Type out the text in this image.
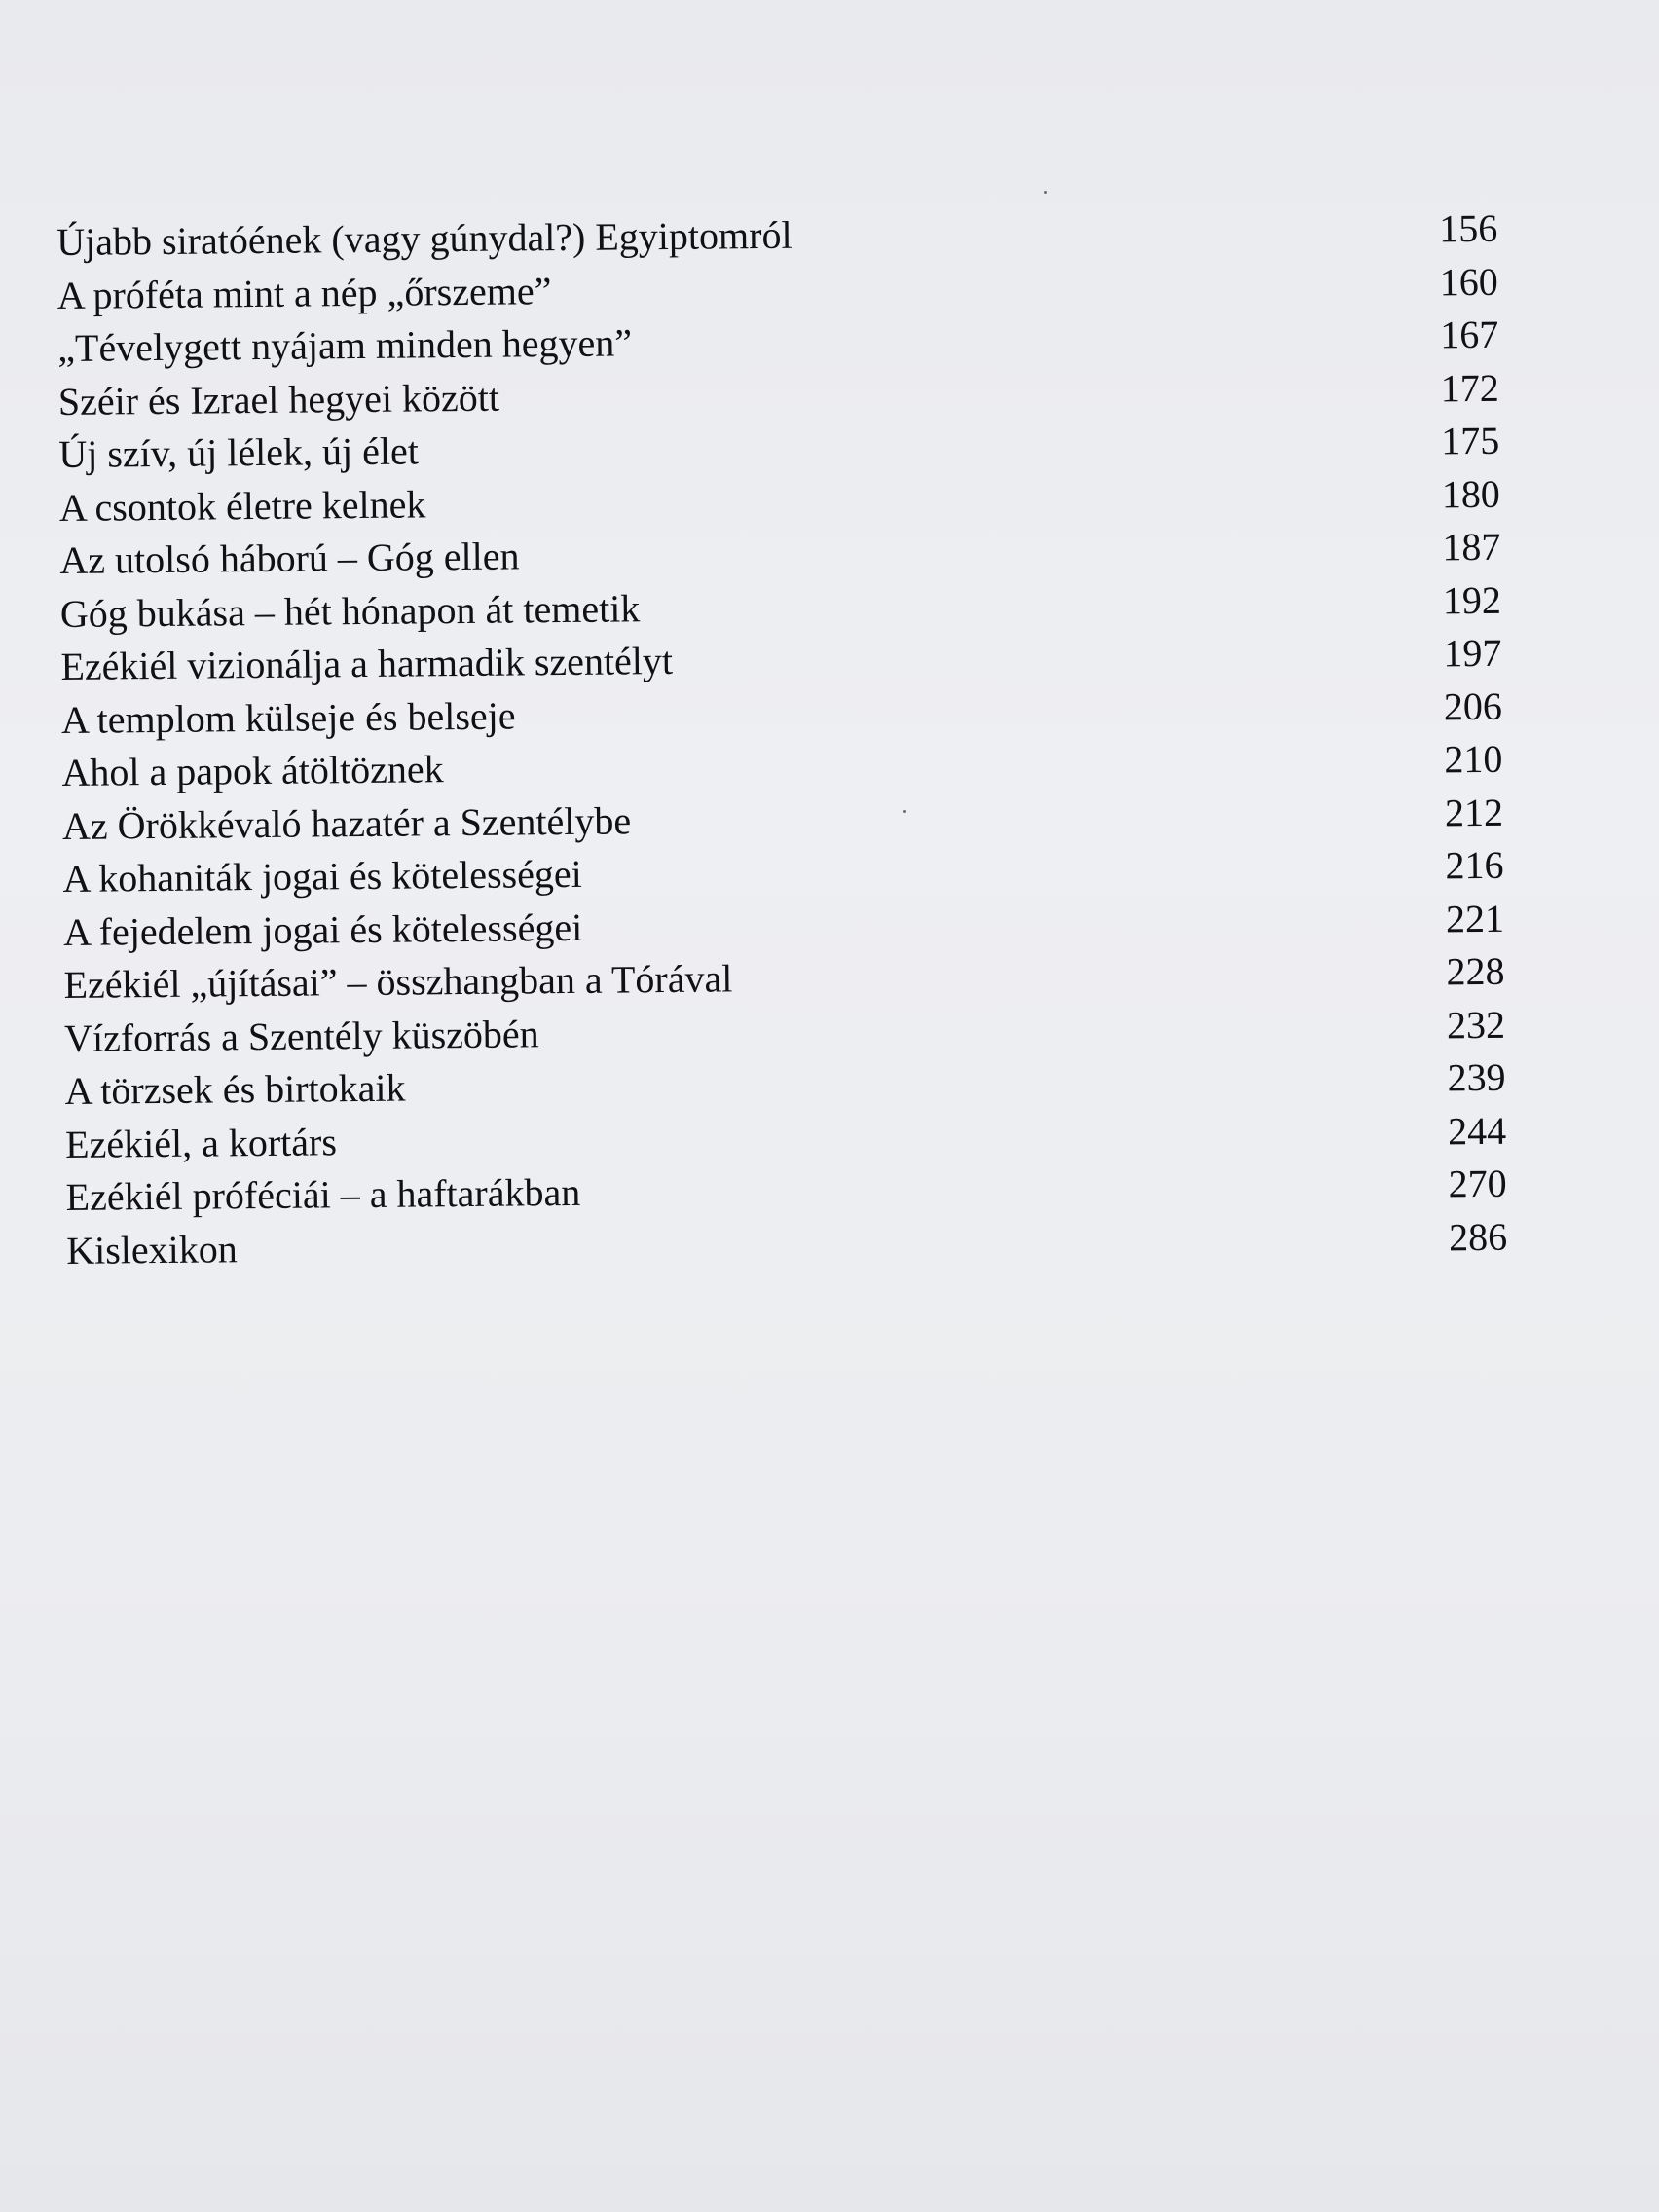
Újabb siratóének (vagy gúnydal?) Egyiptomról	156
A próféta mint a nép „őrszeme”	160
„Tévelygett nyájam minden hegyen”	167
Széir és Izrael hegyei között	172
Új szív, új lélek, új élet	175
A csontok életre kelnek	180
Az utolsó háború – Góg ellen	187
Góg bukása – hét hónapon át temetik	192
Ezékiél vizionálja a harmadik szentélyt	197
A templom külseje és belseje	206
Ahol a papok átöltöznek	210
Az Örökkévaló hazatér a Szentélybe	212
A kohaniták jogai és kötelességei	216
A fejedelem jogai és kötelességei	221
Ezékiél „újításai” – összhangban a Tórával	228
Vízforrás a Szentély küszöbén	232
A törzsek és birtokaik	239
Ezékiél, a kortárs	244
Ezékiél próféciái – a haftarákban	270
Kislexikon	286
